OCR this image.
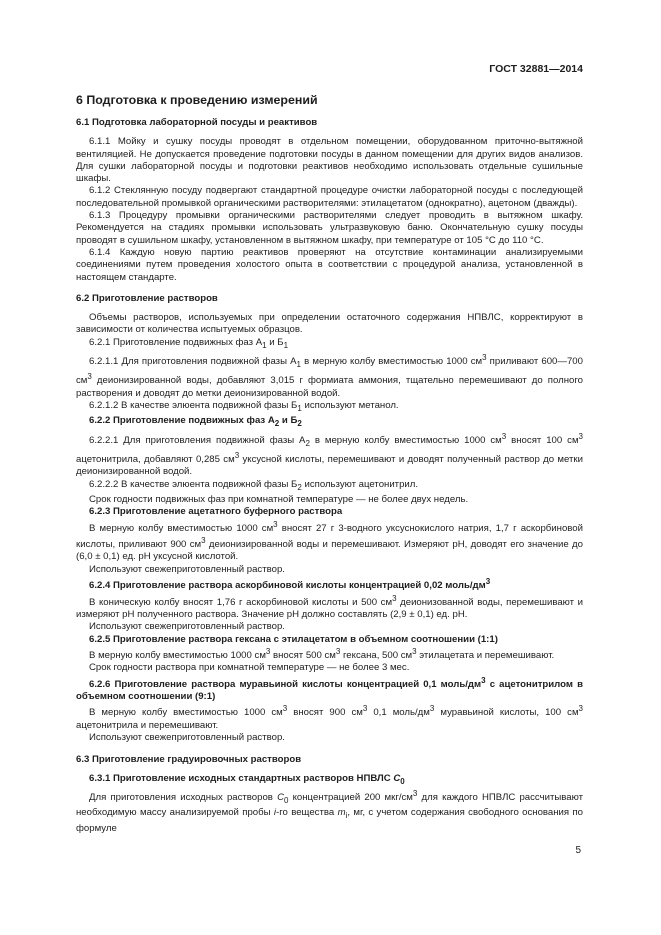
ГОСТ 32881—2014
6 Подготовка к проведению измерений
6.1 Подготовка лабораторной посуды и реактивов

6.1.1 Мойку и сушку посуды проводят в отдельном помещении, оборудованном приточно-вытяжной вентиляцией. Не допускается проведение подготовки посуды в данном помещении для других видов анализов. Для сушки лабораторной посуды и подготовки реактивов необходимо использовать отдельные сушильные шкафы.

6.1.2 Стеклянную посуду подвергают стандартной процедуре очистки лабораторной посуды с последующей последовательной промывкой органическими растворителями: этилацетатом (однократно), ацетоном (дважды).

6.1.3 Процедуру промывки органическими растворителями следует проводить в вытяжном шкафу. Рекомендуется на стадиях промывки использовать ультразвуковую баню. Окончательную сушку посуды проводят в сушильном шкафу, установленном в вытяжном шкафу, при температуре от 105 °С до 110 °С.

6.1.4 Каждую новую партию реактивов проверяют на отсутствие контаминации анализируемыми соединениями путем проведения холостого опыта в соответствии с процедурой анализа, установленной в настоящем стандарте.

6.2 Приготовление растворов

Объемы растворов, используемых при определении остаточного содержания НПВЛС, корректируют в зависимости от количества испытуемых образцов.

6.2.1 Приготовление подвижных фаз $А_1$ и $Б_1$

6.2.1.1 Для приготовления подвижной фазы $А_1$ в мерную колбу вместимостью 1000 $см^3$ приливают 600—700 $см^3$ деионизированной воды, добавляют 3,015 г формиата аммония, тщательно перемешивают до полного растворения и доводят до метки деионизированной водой.

6.2.1.2 В качестве элюента подвижной фазы $Б_1$ используют метанол.

6.2.2 Приготовление подвижных фаз $А_2$ и $Б_2$

6.2.2.1 Для приготовления подвижной фазы $А_2$ в мерную колбу вместимостью 1000 $см^3$ вносят 100 $см^3$ ацетонитрила, добавляют 0,285 $см^3$ уксусной кислоты, перемешивают и доводят полученный раствор до метки деионизированной водой.

6.2.2.2 В качестве элюента подвижной фазы $Б_2$ используют ацетонитрил.

Срок годности подвижных фаз при комнатной температуре — не более двух недель.

6.2.3 Приготовление ацетатного буферного раствора

В мерную колбу вместимостью 1000 $см^3$ вносят 27 г 3-водного уксуснокислого натрия, 1,7 г аскорбиновой кислоты, приливают 900 $см^3$ деионизированной воды и перемешивают. Измеряют рН, доводят его значение до (6,0 ± 0,1) ед. рН уксусной кислотой.

Используют свежеприготовленный раствор.

6.2.4 Приготовление раствора аскорбиновой кислоты концентрацией 0,02 моль/$дм^3$

В коническую колбу вносят 1,76 г аскорбиновой кислоты и 500 $см^3$ деионизованной воды, перемешивают и измеряют рН полученного раствора. Значение рН должно составлять (2,9 ± 0,1) ед. рН.

Используют свежеприготовленный раствор.

6.2.5 Приготовление раствора гексана с этилацетатом в объемном соотношении (1:1)

В мерную колбу вместимостью 1000 $см^3$ вносят 500 $см^3$ гексана, 500 $см^3$ этилацетата и перемешивают.

Срок годности раствора при комнатной температуре — не более 3 мес.

6.2.6 Приготовление раствора муравьиной кислоты концентрацией 0,1 моль/$дм^3$ с ацетонитрилом в объемном соотношении (9:1)

В мерную колбу вместимостью 1000 $см^3$ вносят 900 $см^3$ 0,1 моль/$дм^3$ муравьиной кислоты, 100 $см^3$ ацетонитрила и перемешивают.

Используют свежеприготовленный раствор.

6.3 Приготовление градуировочных растворов

6.3.1 Приготовление исходных стандартных растворов НПВЛС $C_0$

Для приготовления исходных растворов $C_0$ концентрацией 200 мкг/$см^3$ для каждого НПВЛС рассчитывают необходимую массу анализируемой пробы i-го вещества $m_i$, мг, с учетом содержания свободного основания по формуле

5
